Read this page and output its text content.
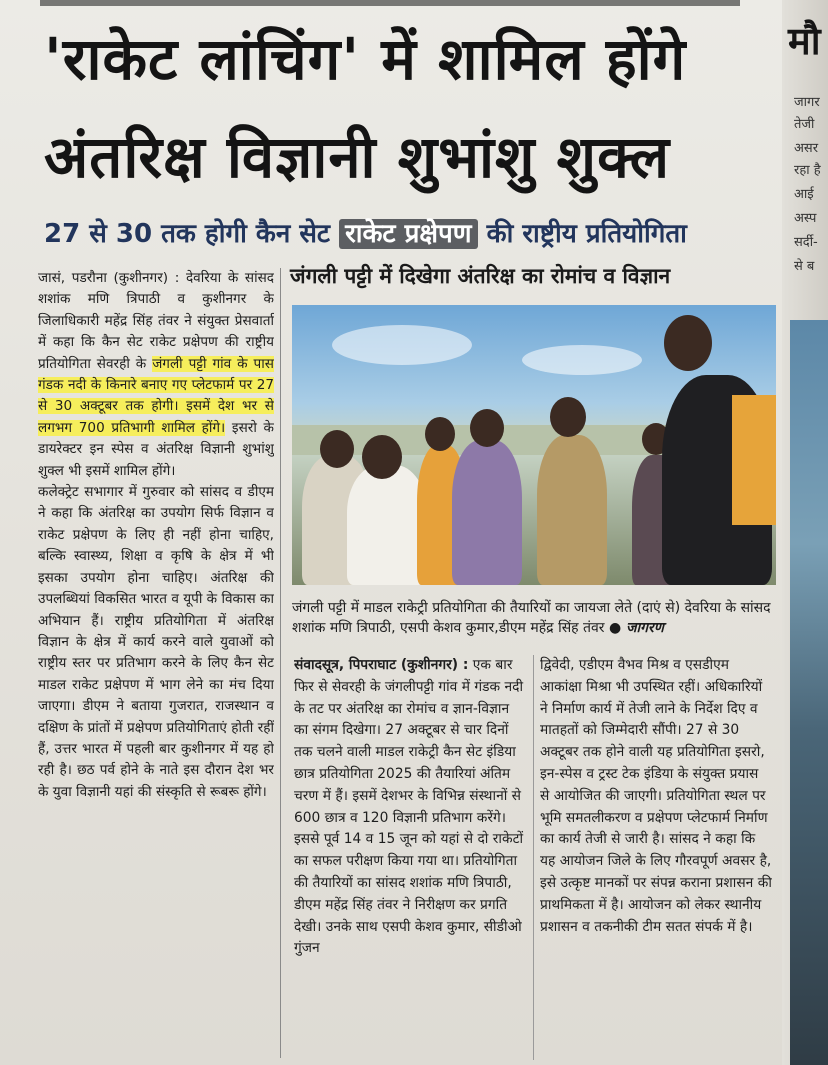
'राकेट लांचिंग' में शामिल होंगे
अंतरिक्ष विज्ञानी शुभांशु शुक्ल
27 से 30 तक होगी कैन सेट राकेट प्रक्षेपण की राष्ट्रीय प्रतियोगिता

जासं, पडरौना (कुशीनगर) : देवरिया के सांसद शशांक मणि त्रिपाठी व कुशीनगर के जिलाधिकारी महेंद्र सिंह तंवर ने संयुक्त प्रेसवार्ता में कहा कि कैन सेट राकेट प्रक्षेपण की राष्ट्रीय प्रतियोगिता सेवरही के जंगली पट्टी गांव के पास गंडक नदी के किनारे बनाए गए प्लेटफार्म पर 27 से 30 अक्टूबर तक होगी। इसमें देश भर से लगभग 700 प्रतिभागी शामिल होंगे। इसरो के डायरेक्टर इन स्पेस व अंतरिक्ष विज्ञानी शुभांशु शुक्ल भी इसमें शामिल होंगे।

कलेक्ट्रेट सभागार में गुरुवार को सांसद व डीएम ने कहा कि अंतरिक्ष का उपयोग सिर्फ विज्ञान व राकेट प्रक्षेपण के लिए ही नहीं होना चाहिए, बल्कि स्वास्थ्य, शिक्षा व कृषि के क्षेत्र में भी इसका उपयोग होना चाहिए। अंतरिक्ष की उपलब्धियां विकसित भारत व यूपी के विकास का अभियान हैं। राष्ट्रीय प्रतियोगिता में अंतरिक्ष विज्ञान के क्षेत्र में कार्य करने वाले युवाओं को राष्ट्रीय स्तर पर प्रतिभाग करने के लिए कैन सेट माडल राकेट प्रक्षेपण में भाग लेने का मंच दिया जाएगा। डीएम ने बताया गुजरात, राजस्थान व दक्षिण के प्रांतों में प्रक्षेपण प्रतियोगिताएं होती रहीं हैं, उत्तर भारत में पहली बार कुशीनगर में यह हो रही है। छठ पर्व होने के नाते इस दौरान देश भर के युवा विज्ञानी यहां की संस्कृति से रूबरू होंगे।

जंगली पट्टी में दिखेगा अंतरिक्ष का रोमांच व विज्ञान
जंगली पट्टी में माडल राकेट्री प्रतियोगिता की तैयारियों का जायजा लेते (दाएं से) देवरिया के सांसद शशांक मणि त्रिपाठी, एसपी केशव कुमार,डीएम महेंद्र सिंह तंवर ● जागरण

संवादसूत्र, पिपराघाट (कुशीनगर) : एक बार फिर से सेवरही के जंगलीपट्टी गांव में गंडक नदी के तट पर अंतरिक्ष का रोमांच व ज्ञान-विज्ञान का संगम दिखेगा। 27 अक्टूबर से चार दिनों तक चलने वाली माडल राकेट्री कैन सेट इंडिया छात्र प्रतियोगिता 2025 की तैयारियां अंतिम चरण में हैं। इसमें देशभर के विभिन्न संस्थानों से 600 छात्र व 120 विज्ञानी प्रतिभाग करेंगे। इससे पूर्व 14 व 15 जून को यहां से दो राकेटों का सफल परीक्षण किया गया था। प्रतियोगिता की तैयारियों का सांसद शशांक मणि त्रिपाठी, डीएम महेंद्र सिंह तंवर ने निरीक्षण कर प्रगति देखी। उनके साथ एसपी केशव कुमार, सीडीओ गुंजन

द्विवेदी, एडीएम वैभव मिश्र व एसडीएम आकांक्षा मिश्रा भी उपस्थित रहीं। अधिकारियों ने निर्माण कार्य में तेजी लाने के निर्देश दिए व मातहतों को जिम्मेदारी सौंपी। 27 से 30 अक्टूबर तक होने वाली यह प्रतियोगिता इसरो, इन-स्पेस व ट्रस्ट टेक इंडिया के संयुक्त प्रयास से आयोजित की जाएगी। प्रतियोगिता स्थल पर भूमि समतलीकरण व प्रक्षेपण प्लेटफार्म निर्माण का कार्य तेजी से जारी है। सांसद ने कहा कि यह आयोजन जिले के लिए गौरवपूर्ण अवसर है, इसे उत्कृष्ट मानकों पर संपन्न कराना प्रशासन की प्राथमिकता में है। आयोजन को लेकर स्थानीय प्रशासन व तकनीकी टीम सतत संपर्क में है।

मौ
जागर
तेजी
असर
रहा है
आई
अस्प
सर्दी-
से ब
